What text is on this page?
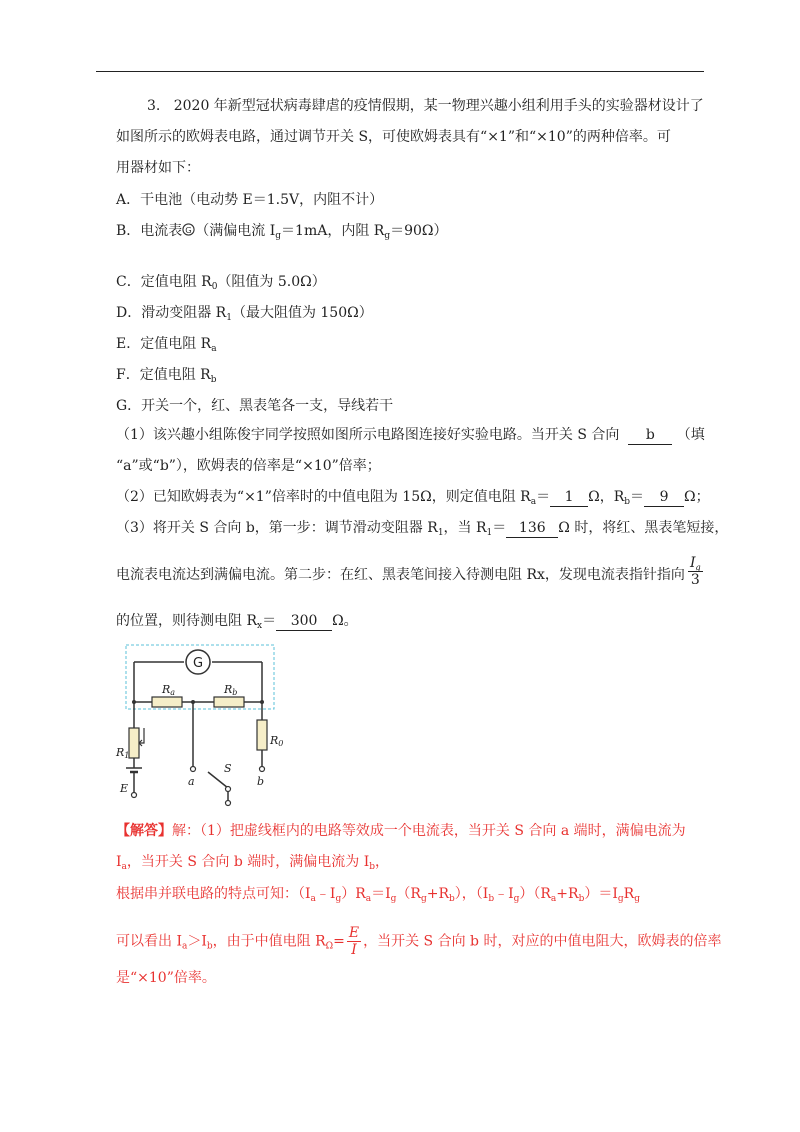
3. 2020 年新型冠状病毒肆虐的疫情假期，某一物理兴趣小组利用手头的实验器材设计了
如图所示的欧姆表电路，通过调节开关 S，可使欧姆表具有“×1”和“×10”的两种倍率。可
用器材如下：
A．干电池（电动势 E＝1.5V，内阻不计）
B．电流表 G （满偏电流 $I_g=1mA$，内阻 $R_g=90\Omega$）
C．定值电阻 $R_0$（阻值为 5.0Ω）
D．滑动变阻器 $R_1$（最大阻值为 150Ω）
E．定值电阻 $R_a$
F．定值电阻 $R_b$
G．开关一个，红、黑表笔各一支，导线若干
（1）该兴趣小组陈俊宇同学按照如图所示电路图连接好实验电路。当开关 S 合向 b （填
“a”或“b”），欧姆表的倍率是“×10”倍率；
（2）已知欧姆表为“×1”倍率时的中值电阻为 15Ω，则定值电阻 $R_a= 1$ Ω，$R_b= 9$ Ω；
（3）将开关 S 合向 b，第一步：调节滑动变阻器 $R_1$，当 $R_1= 136$ Ω 时，将红、黑表笔短接，
电流表电流达到满偏电流。第二步：在红、黑表笔间接入待测电阻 Rx，发现电流表指针指向 $\frac{I_g}{3}$
的位置，则待测电阻 $R_x= 300$ Ω。
G
Ra	Rb
R1
E
a
S
b
R0
【解答】解：（1）把虚线框内的电路等效成一个电流表，当开关 S 合向 a 端时，满偏电流为
$I_a$，当开关 S 合向 b 端时，满偏电流为 $I_b$，
根据串并联电路的特点可知：$(I_a﹣I_g)R_a=I_g(R_g+R_b)$，$(I_b﹣I_g)(R_a+R_b)=I_gR_g$
可以看出 $I_a>I_b$，由于中值电阻 $R_\Omega= \frac{E}{I}$ ，当开关 S 合向 b 时，对应的中值电阻大，欧姆表的倍率
是“×10”倍率。
